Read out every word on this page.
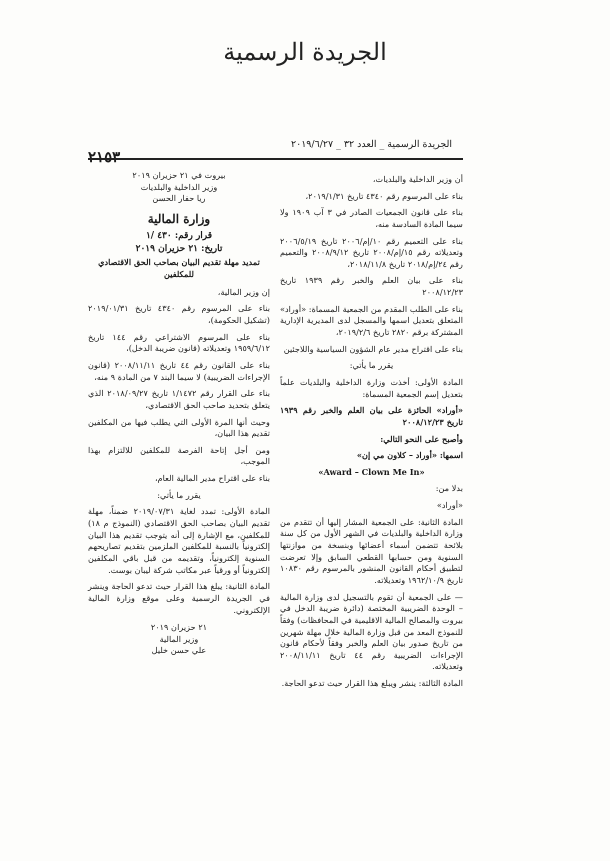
الجريدة الرسمية
٢١٥٣
الجريدة الرسمية _ العدد ٣٢ _ ٢٠١٩/٦/٢٧

أن وزير الداخلية والبلديات،

بناء على المرسوم رقم ٤٣٤٠ تاريخ ٢٠١٩/١/٣١،

بناء على قانون الجمعيات الصادر في ٣ آب ١٩٠٩ ولا سيما المادة السادسة منه،

بناء على التعميم رقم ١٠/إم/٢٠٠٦ تاريخ ٢٠٠٦/٥/١٩ وتعديلاته رقم ١٥/إم/٢٠٠٨ تاريخ ٢٠٠٨/٩/١٢ والتعميم رقم ٢٤/إم/٢٠١٨ تاريخ ٢٠١٨/١١/٨،

بناء على بيان العلم والخبر رقم ١٩٣٩ تاريخ ٢٠٠٨/١٢/٢٣

بناء على الطلب المقدم من الجمعية المسماة: «أوراد» المتعلق بتعديل اسمها والمسجل لدى المديرية الإدارية المشتركة برقم ٢٨٢٠ تاريخ ٢٠١٩/٢/٦،

بناء على اقتراح مدير عام الشؤون السياسية واللاجئين

يقرر ما يأتي:

المادة الأولى: أخذت وزارة الداخلية والبلديات علماً بتعديل إسم الجمعية المسماة:

«أوراد» الحائزة على بيان العلم والخبر رقم ١٩٣٩ تاريخ ٢٠٠٨/١٢/٢٣

وأصبح على النحو التالي:

اسمها: «أوراد – كلاون مي إن»

«Award – Clown Me In»

بدلا من:

«أوراد»

المادة الثانية: على الجمعية المشار إليها أن تتقدم من وزارة الداخلية والبلديات في الشهر الأول من كل سنة بلائحة تتضمن أسماء أعضائها وبنسخة من موازنتها السنوية ومن حسابها القطعي السابق وإلا تعرضت لتطبيق أحكام القانون المنشور بالمرسوم رقم ١٠٨٣٠ تاريخ ١٩٦٢/١٠/٩ وتعديلاته.

— على الجمعية أن تقوم بالتسجيل لدى وزارة المالية – الوحدة الضريبية المختصة (دائرة ضريبة الدخل في بيروت والمصالح المالية الاقليمية في المحافظات) وفقاً للنموذج المعد من قبل وزارة المالية خلال مهلة شهرين من تاريخ صدور بيان العلم والخبر وفقاً لأحكام قانون الإجراءات الضريبية رقم ٤٤ تاريخ ٢٠٠٨/١١/١١ وتعديلاته.

المادة الثالثة: ينشر ويبلغ هذا القرار حيث تدعو الحاجة.

بيروت في ٢١ حزيران ٢٠١٩

وزير الداخلية والبلديات

ريا حفار الحسن

وزارة المالية
قرار رقم: ٤٣٠ /١
تاريخ: ٢١ حزيران ٢٠١٩

تمديد مهلة تقديم البيان بصاحب الحق الاقتصادي للمكلفين

إن وزير المالية،

بناء على المرسوم رقم ٤٣٤٠ تاريخ ٢٠١٩/٠١/٣١ (تشكيل الحكومة)،

بناء على المرسوم الاشتراعي رقم ١٤٤ تاريخ ١٩٥٩/٦/١٢ وتعديلاته (قانون ضريبة الدخل)،

بناء على القانون رقم ٤٤ تاريخ ٢٠٠٨/١١/١١ (قانون الإجراءات الضريبية) لا سيما البند ٧ من المادة ٩ منه،

بناء على القرار رقم ١/١٤٧٢ تاريخ ٢٠١٨/٠٩/٢٧ الذي يتعلق بتحديد صاحب الحق الاقتصادي،

وحيث أنها المرة الأولى التي يطلب فيها من المكلفين تقديم هذا البيان،

ومن أجل إتاحة الفرصة للمكلفين للالتزام بهذا الموجب،

بناء على اقتراح مدير المالية العام،

يقرر ما يأتي:

المادة الأولى: تمدد لغاية ٢٠١٩/٠٧/٣١ ضمناً، مهلة تقديم البيان بصاحب الحق الاقتصادي (النموذج م ١٨) للمكلفين، مع الإشارة إلى أنه يتوجب تقديم هذا البيان إلكترونياً بالنسبة للمكلفين الملزمين بتقديم تصاريحهم السنوية إلكترونياً، وتقديمه من قبل باقي المكلفين إلكترونياً أو ورقياً عبر مكاتب شركة ليبان بوست.

المادة الثانية: يبلغ هذا القرار حيث تدعو الحاجة وينشر في الجريدة الرسمية وعلى موقع وزارة المالية الإلكتروني.

٢١ حزيران ٢٠١٩

وزير المالية

علي حسن خليل
